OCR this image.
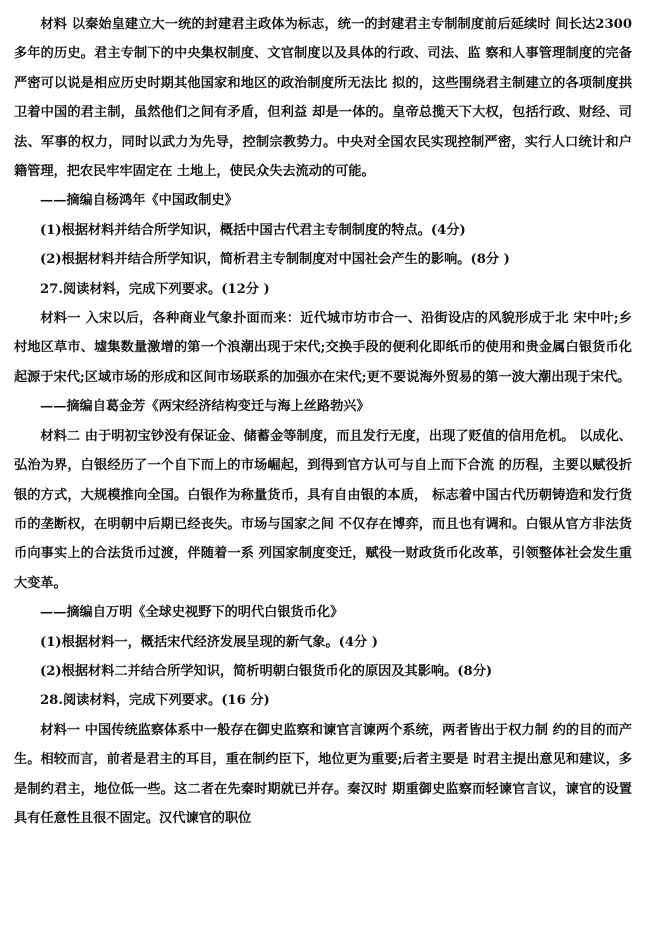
材料 以秦始皇建立大一统的封建君主政体为标志，统一的封建君主专制制度前后延续时 间长达2300 多年的历史。君主专制下的中央集权制度、文官制度以及具体的行政、司法、监 察和人事管理制度的完备严密可以说是相应历史时期其他国家和地区的政治制度所无法比 拟的，这些围绕君主制建立的各项制度拱卫着中国的君主制，虽然他们之间有矛盾，但利益 却是一体的。皇帝总揽天下大权，包括行政、财经、司法、军事的权力，同时以武力为先导，控制宗教势力。中央对全国农民实现控制严密，实行人口统计和户籍管理，把农民牢牢固定在 土地上，使民众失去流动的可能。

——摘编自杨鸿年《中国政制史》

(1)根据材料并结合所学知识，概括中国古代君主专制制度的特点。(4分)

(2)根据材料并结合所学知识，简析君主专制制度对中国社会产生的影响。(8分 )

27.阅读材料，完成下列要求。(12分 )

材料一 入宋以后，各种商业气象扑面而来：近代城市坊市合一、沿街设店的风貌形成于北 宋中叶;乡村地区草市、墟集数量激增的第一个浪潮出现于宋代;交换手段的便利化即纸币的使用和贵金属白银货币化起源于宋代;区域市场的形成和区间市场联系的加强亦在宋代;更不要说海外贸易的第一波大潮出现于宋代。

——摘编自葛金芳《两宋经济结构变迁与海上丝路勃兴》

材料二 由于明初宝钞没有保证金、储蓄金等制度，而且发行无度，出现了贬值的信用危机。 以成化、弘治为界，白银经历了一个自下而上的市场崛起，到得到官方认可与自上而下合流 的历程，主要以赋役折银的方式，大规模推向全国。白银作为称量货币，具有自由银的本质， 标志着中国古代历朝铸造和发行货币的垄断权，在明朝中后期已经丧失。市场与国家之间 不仅存在博弈，而且也有调和。白银从官方非法货币向事实上的合法货币过渡，伴随着一系 列国家制度变迁，赋役一财政货币化改革，引领整体社会发生重大变革。

——摘编自万明《全球史视野下的明代白银货币化》

(1)根据材料一，概括宋代经济发展呈现的新气象。(4分 )

(2)根据材料二并结合所学知识，简析明朝白银货币化的原因及其影响。(8分)

28.阅读材料，完成下列要求。(16 分)

材料一 中国传统监察体系中一般存在御史监察和谏官言谏两个系统，两者皆出于权力制 约的目的而产生。相较而言，前者是君主的耳目，重在制约臣下，地位更为重要;后者主要是 时君主提出意见和建议，多是制约君主，地位低一些。这二者在先秦时期就已并存。秦汉时 期重御史监察而轻谏官言议，谏官的设置具有任意性且很不固定。汉代谏官的职位
